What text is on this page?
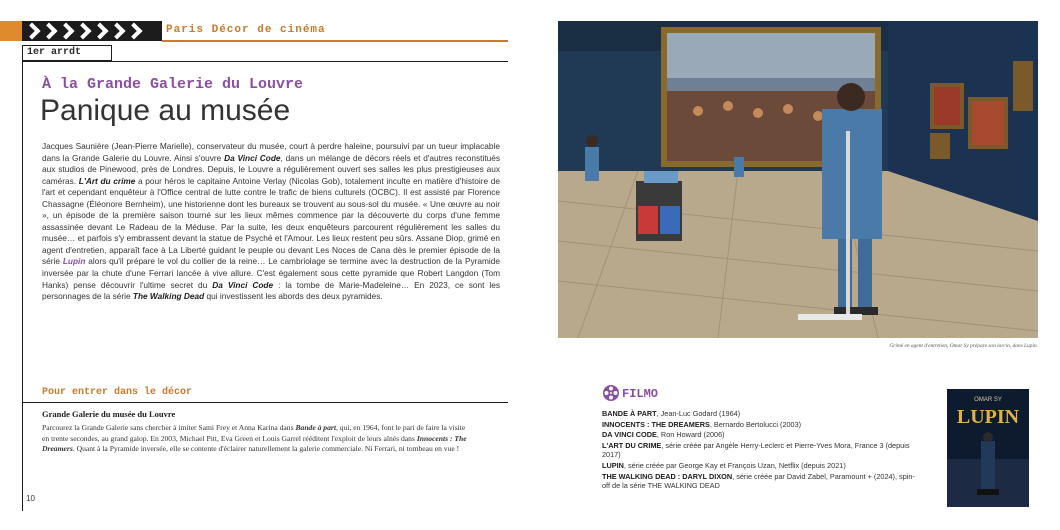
Paris Décor de cinéma
1er arrdt
À la Grande Galerie du Louvre
Panique au musée

Jacques Saunière (Jean-Pierre Marielle), conservateur du musée, court à perdre haleine, poursuivi par un tueur implacable dans la Grande Galerie du Louvre. Ainsi s'ouvre Da Vinci Code, dans un mélange de décors réels et d'autres reconstitués aux studios de Pinewood, près de Londres. Depuis, le Louvre a régulièrement ouvert ses salles les plus prestigieuses aux caméras. L'Art du crime a pour héros le capitaine Antoine Verlay (Nicolas Gob), totalement inculte en matière d'histoire de l'art et cependant enquêteur à l'Office central de lutte contre le trafic de biens culturels (OCBC). Il est assisté par Florence Chassagne (Éléonore Bernheim), une historienne dont les bureaux se trouvent au sous-sol du musée. « Une œuvre au noir », un épisode de la première saison tourné sur les lieux mêmes commence par la découverte du corps d'une femme assassinée devant Le Radeau de la Méduse. Par la suite, les deux enquêteurs parcourent régulièrement les salles du musée… et parfois s'y embrassent devant la statue de Psyché et l'Amour. Les lieux restent peu sûrs. Assane Diop, grimé en agent d'entretien, apparaît face à La Liberté guidant le peuple ou devant Les Noces de Cana dès le premier épisode de la série Lupin alors qu'il prépare le vol du collier de la reine… Le cambriolage se termine avec la destruction de la Pyramide inversée par la chute d'une Ferrari lancée à vive allure. C'est également sous cette pyramide que Robert Langdon (Tom Hanks) pense découvrir l'ultime secret du Da Vinci Code : la tombe de Marie-Madeleine… En 2023, ce sont les personnages de la série The Walking Dead qui investissent les abords des deux pyramides.

Pour entrer dans le décor
Grande Galerie du musée du Louvre

Parcourez la Grande Galerie sans chercher à imiter Sami Frey et Anna Karina dans Bande à part, qui, en 1964, font le pari de faire la visite en trente secondes, au grand galop. En 2003, Michael Pitt, Eva Green et Louis Garrel rééditent l'exploit de leurs aînés dans Innocents : The Dreamers. Quant à la Pyramide inversée, elle se contente d'éclairer naturellement la galerie commerciale. Ni Ferrari, ni tombeau en vue !

10
Grimé en agent d'entretien, Omar Sy prépare son larcin, dans Lupin.
FILMO
BANDE À PART, Jean-Luc Godard (1964)
INNOCENTS : THE DREAMERS, Bernardo Bertolucci (2003)
DA VINCI CODE, Ron Howard (2006)
L'ART DU CRIME, série créée par Angèle Herry-Leclerc et Pierre-Yves Mora, France 3 (depuis 2017)
LUPIN, série créée par George Kay et François Uzan, Netflix (depuis 2021)
THE WALKING DEAD : DARYL DIXON, série créée par David Zabel, Paramount + (2024), spin-off de la série THE WALKING DEAD
OMAR SY
LUPIN
